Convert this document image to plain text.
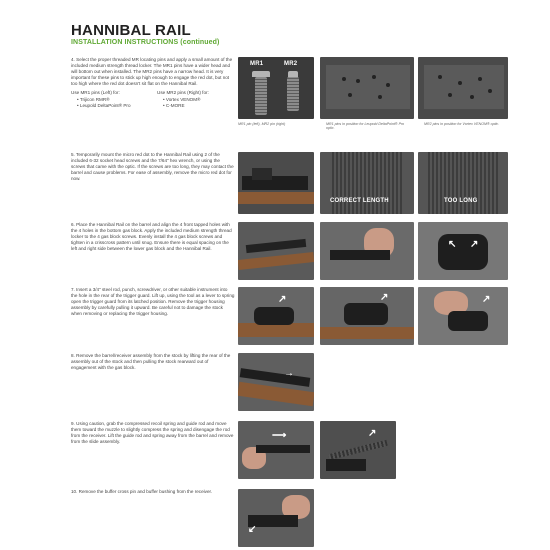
HANNIBAL RAIL
INSTALLATION INSTRUCTIONS (continued)
4. Select the proper threaded MR locating pins and apply a small amount of the included medium strength thread locker. The MR1 pins have a wider head and will bottom out when installed. The MR2 pins have a narrow head. It is very important for these pins to stick up high enough to engage the red dot, but not too high where the red dot doesn't sit flat on the Hannibal Rail.
Use MR1 pins (Left) for:
• Trijicon RMR®
• Leupold DeltaPoint® Pro
Use MR2 pins (Right) for:
• Vortex VENOM®
• C-MORE
MR1	MR2
MR1 pin (left), MR2 pin (right)	MR1 pins in position for Leupold DeltaPoint® Pro optic.
MR2 pins in position for Vortex VENOM® optic.
5. Temporarily mount the micro red dot to the Hannibal Rail using 2 of the included 6-32 socket head screws and the 7/64" hex wrench, or using the screws that came with the optic. If the screws are too long, they may contact the barrel and cause problems. For ease of assembly, remove the micro red dot for now.
CORRECT LENGTH	TOO LONG
6. Place the Hannibal Rail on the barrel and align the 4 front tapped holes with the 4 holes in the bottom gas block. Apply the included medium strength thread locker to the 4 gas block screws. Evenly install the 4 gas block screws and tighten in a crisscross pattern until snug. Ensure there is equal spacing on the left and right side between the lower gas block and the Hannibal Rail.	↖ ↗
7. Insert a 3/4" steel rod, punch, screwdriver, or other suitable instrument into the hole in the rear of the trigger guard. Lift up, using the tool as a lever to spring open the trigger guard from its latched position. Remove the trigger housing assembly by carefully pulling it upward. Be careful not to damage the stock when removing or replacing the trigger housing.
↗	↗	↗
8. Remove the barrel/receiver assembly from the stock by lifting the rear of the assembly out of the stock and then pulling the stock rearward out of engagement with the gas block.
→
9. Using caution, grab the compressed recoil spring and guide rod and move them toward the muzzle to slightly compress the spring and disengage the rod from the receiver. Lift the guide rod and spring away from the barrel and remove from the slide assembly.
⟶	↗
10. Remove the buffer cross pin and buffer bushing from the receiver.
↙
